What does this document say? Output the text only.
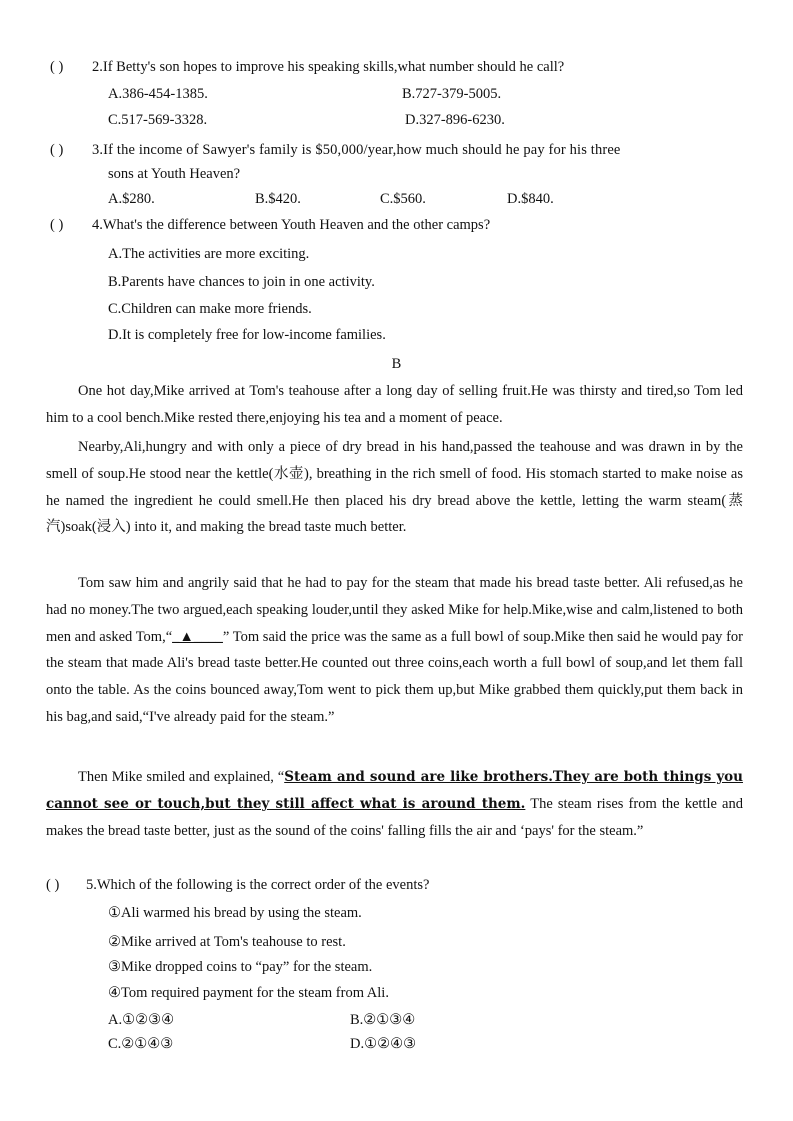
( ) 2.If Betty's son hopes to improve his speaking skills,what number should he call?
A.386-454-1385.	B.727-379-5005.
C.517-569-3328.	D.327-896-6230.
( ) 3.If the income of Sawyer's family is $50,000/year,how much should he pay for his three
sons at Youth Heaven?
A.$280.	B.$420.	C.$560.	D.$840.
( ) 4.What's the difference between Youth Heaven and the other camps?
A.The activities are more exciting.
B.Parents have chances to join in one activity.
C.Children can make more friends.
D.It is completely free for low-income families.
B
One hot day,Mike arrived at Tom's teahouse after a long day of selling fruit.He was thirsty and tired,so Tom led him to a cool bench.Mike rested there,enjoying his tea and a moment of peace.
Nearby,Ali,hungry and with only a piece of dry bread in his hand,passed the teahouse and was drawn in by the smell of soup.He stood near the kettle(水壶), breathing in the rich smell of food. His stomach started to make noise as he named the ingredient he could smell.He then placed his dry bread above the kettle, letting the warm steam(蒸汽)soak(浸入) into it, and making the bread taste much better.
Tom saw him and angrily said that he had to pay for the steam that made his bread taste better. Ali refused,as he had no money.The two argued,each speaking louder,until they asked Mike for help.Mike,wise and calm,listened to both men and asked Tom,“_▲____” Tom said the price was the same as a full bowl of soup.Mike then said he would pay for the steam that made Ali's bread taste better.He counted out three coins,each worth a full bowl of soup,and let them fall onto the table. As the coins bounced away,Tom went to pick them up,but Mike grabbed them quickly,put them back in his bag,and said,“I've already paid for the steam.”
Then Mike smiled and explained, “Steam and sound are like brothers.They are both things you cannot see or touch,but they still affect what is around them. The steam rises from the kettle and makes the bread taste better, just as the sound of the coins' falling fills the air and ‘pays' for the steam.”
( ) 5.Which of the following is the correct order of the events?
①Ali warmed his bread by using the steam.
②Mike arrived at Tom's teahouse to rest.
③Mike dropped coins to “pay” for the steam.
④Tom required payment for the steam from Ali.
A.①②③④	B.②①③④
C.②①④③	D.①②④③
